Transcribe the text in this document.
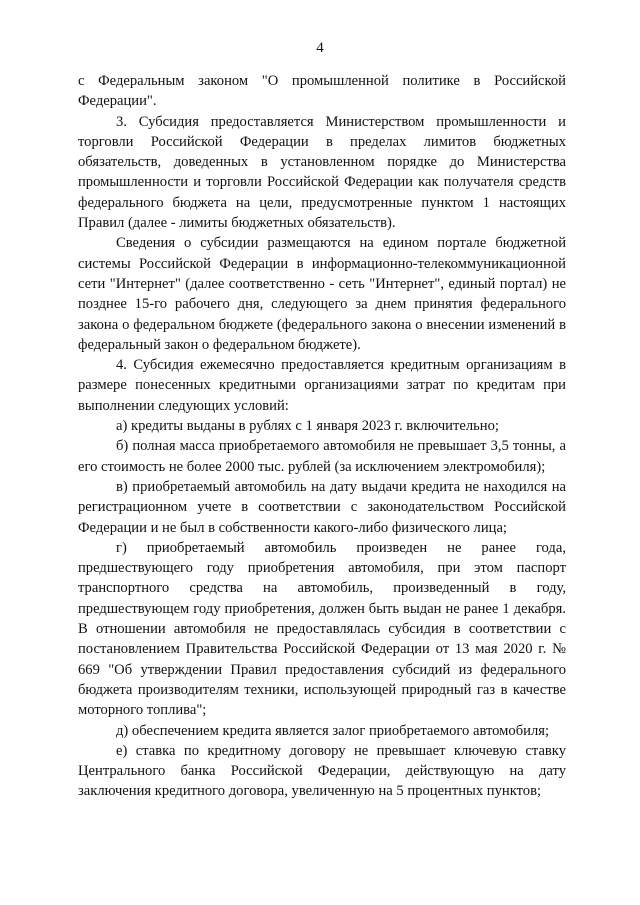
4

с Федеральным законом "О промышленной политике в Российской Федерации".

3. Субсидия предоставляется Министерством промышленности и торговли Российской Федерации в пределах лимитов бюджетных обязательств, доведенных в установленном порядке до Министерства промышленности и торговли Российской Федерации как получателя средств федерального бюджета на цели, предусмотренные пунктом 1 настоящих Правил (далее - лимиты бюджетных обязательств).

Сведения о субсидии размещаются на едином портале бюджетной системы Российской Федерации в информационно-телекоммуникационной сети "Интернет" (далее соответственно - сеть "Интернет", единый портал) не позднее 15-го рабочего дня, следующего за днем принятия федерального закона о федеральном бюджете (федерального закона о внесении изменений в федеральный закон о федеральном бюджете).

4. Субсидия ежемесячно предоставляется кредитным организациям в размере понесенных кредитными организациями затрат по кредитам при выполнении следующих условий:

а) кредиты выданы в рублях с 1 января 2023 г. включительно;

б) полная масса приобретаемого автомобиля не превышает 3,5 тонны, а его стоимость не более 2000 тыс. рублей (за исключением электромобиля);

в) приобретаемый автомобиль на дату выдачи кредита не находился на регистрационном учете в соответствии с законодательством Российской Федерации и не был в собственности какого-либо физического лица;

г) приобретаемый автомобиль произведен не ранее года, предшествующего году приобретения автомобиля, при этом паспорт транспортного средства на автомобиль, произведенный в году, предшествующем году приобретения, должен быть выдан не ранее 1 декабря. В отношении автомобиля не предоставлялась субсидия в соответствии с постановлением Правительства Российской Федерации от 13 мая 2020 г. № 669 "Об утверждении Правил предоставления субсидий из федерального бюджета производителям техники, использующей природный газ в качестве моторного топлива";

д) обеспечением кредита является залог приобретаемого автомобиля;

е) ставка по кредитному договору не превышает ключевую ставку Центрального банка Российской Федерации, действующую на дату заключения кредитного договора, увеличенную на 5 процентных пунктов;
